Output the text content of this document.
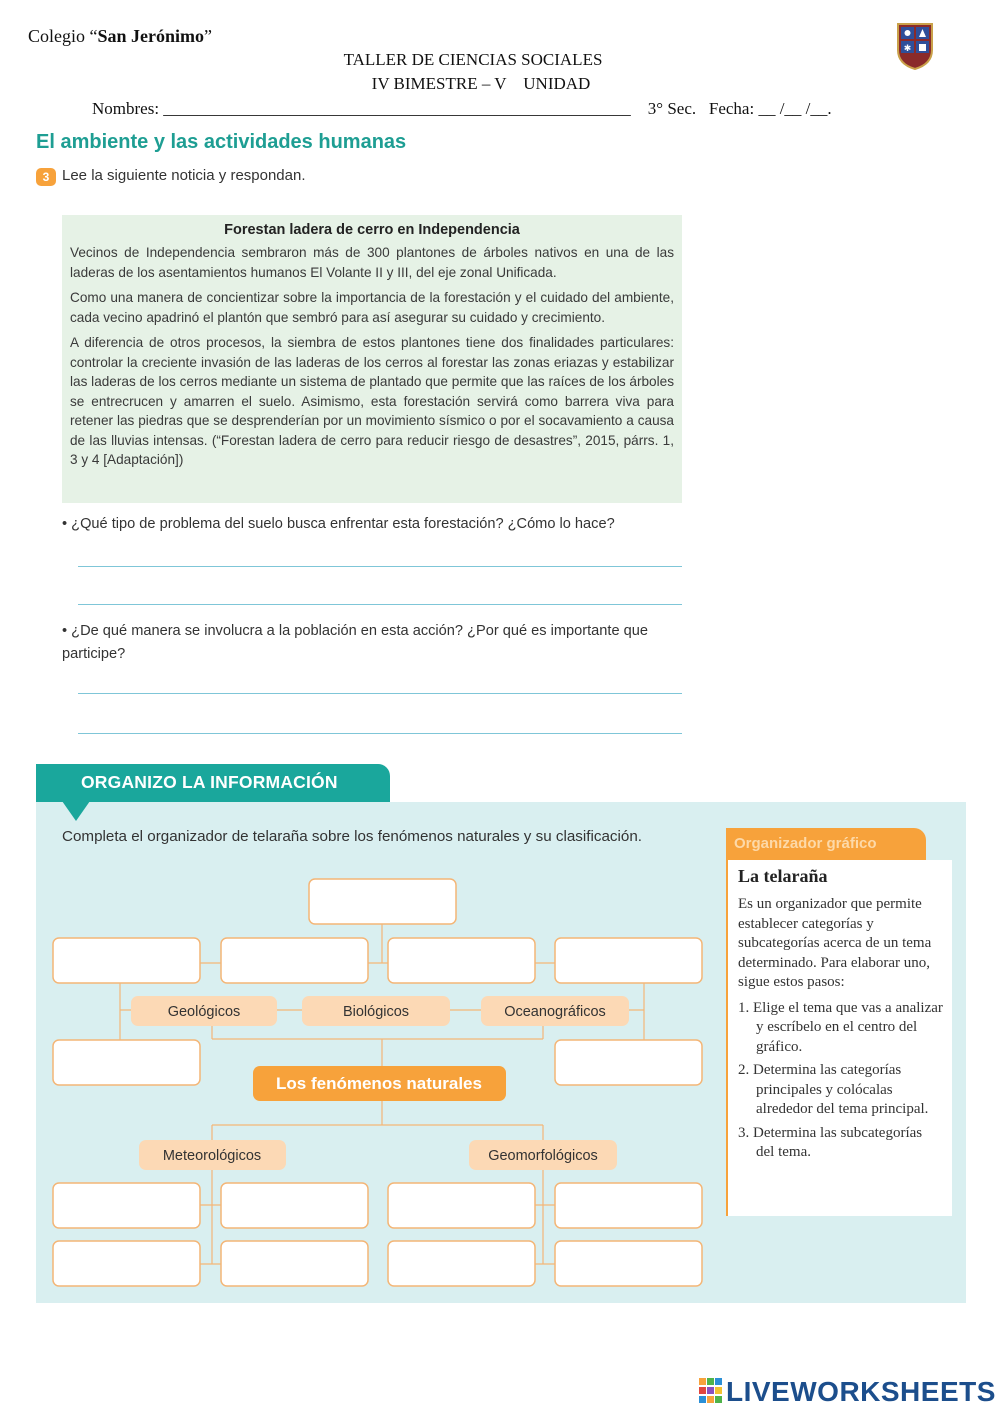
Colegio “San Jerónimo”
✱
TALLER DE CIENCIAS SOCIALES
IV BIMESTRE – V    UNIDAD
Nombres: _______________________________________________________    3° Sec.   Fecha: __ /__ /__.
El ambiente y las actividades humanas
3 Lee la siguiente noticia y respondan.
Forestan ladera de cerro en Independencia

Vecinos de Independencia sembraron más de 300 plantones de árboles nativos en una de las laderas de los asentamientos humanos El Volante II y III, del eje zonal Unificada.

Como una manera de concientizar sobre la importancia de la forestación y el cuidado del ambiente, cada vecino apadrinó el plantón que sembró para así asegurar su cuidado y crecimiento.

A diferencia de otros procesos, la siembra de estos plantones tiene dos finalidades particulares: controlar la creciente invasión de las laderas de los cerros al forestar las zonas eriazas y estabilizar las laderas de los cerros mediante un sistema de plantado que permite que las raíces de los árboles se entrecrucen y amarren el suelo. Asimismo, esta forestación servirá como barrera viva para retener las piedras que se desprenderían por un movimiento sísmico o por el socavamiento a causa de las lluvias intensas. (“Forestan ladera de cerro para reducir riesgo de desastres”, 2015, párrs. 1, 3 y 4 [Adaptación])

• ¿Qué tipo de problema del suelo busca enfrentar esta forestación? ¿Cómo lo hace?
• ¿De qué manera se involucra a la población en esta acción? ¿Por qué es importante que participe?
ORGANIZO LA INFORMACIÓN
Completa el organizador de telaraña sobre los fenómenos naturales y su clasificación.
Geológicos	Biológicos	Oceanográficos
Meteorológicos	Geomorfológicos
Los fenómenos naturales
Organizador gráfico
La telaraña

Es un organizador que permite establecer categorías y subcategorías acerca de un tema determinado. Para elaborar uno, sigue estos pasos:

1. Elige el tema que vas a analizar y escríbelo en el centro del gráfico.
2. Determina las categorías principales y colócalas alrededor del tema principal.
3. Determina las subcategorías del tema.
LIVEWORKSHEETS
